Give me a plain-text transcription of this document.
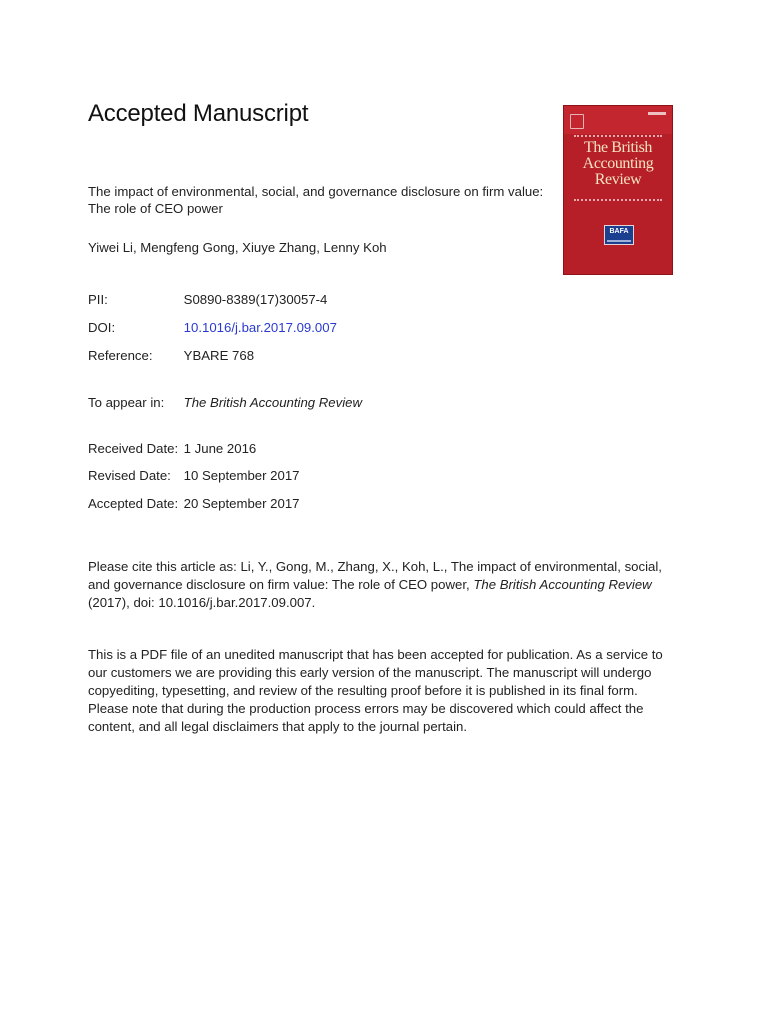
Accepted Manuscript

The impact of environmental, social, and governance disclosure on firm value: The role of CEO power

Yiwei Li, Mengfeng Gong, Xiuye Zhang, Lenny Koh
PII:	S0890-8389(17)30057-4
DOI:	10.1016/j.bar.2017.09.007
Reference: YBARE 768
To appear in: The British Accounting Review
Received Date: 1 June 2016
Revised Date: 10 September 2017
Accepted Date: 20 September 2017

Please cite this article as: Li, Y., Gong, M., Zhang, X., Koh, L., The impact of environmental, social, and governance disclosure on firm value: The role of CEO power, The British Accounting Review (2017), doi: 10.1016/j.bar.2017.09.007.

This is a PDF file of an unedited manuscript that has been accepted for publication. As a service to our customers we are providing this early version of the manuscript. The manuscript will undergo copyediting, typesetting, and review of the resulting proof before it is published in its final form. Please note that during the production process errors may be discovered which could affect the content, and all legal disclaimers that apply to the journal pertain.

The British Accounting Review
BAFA
